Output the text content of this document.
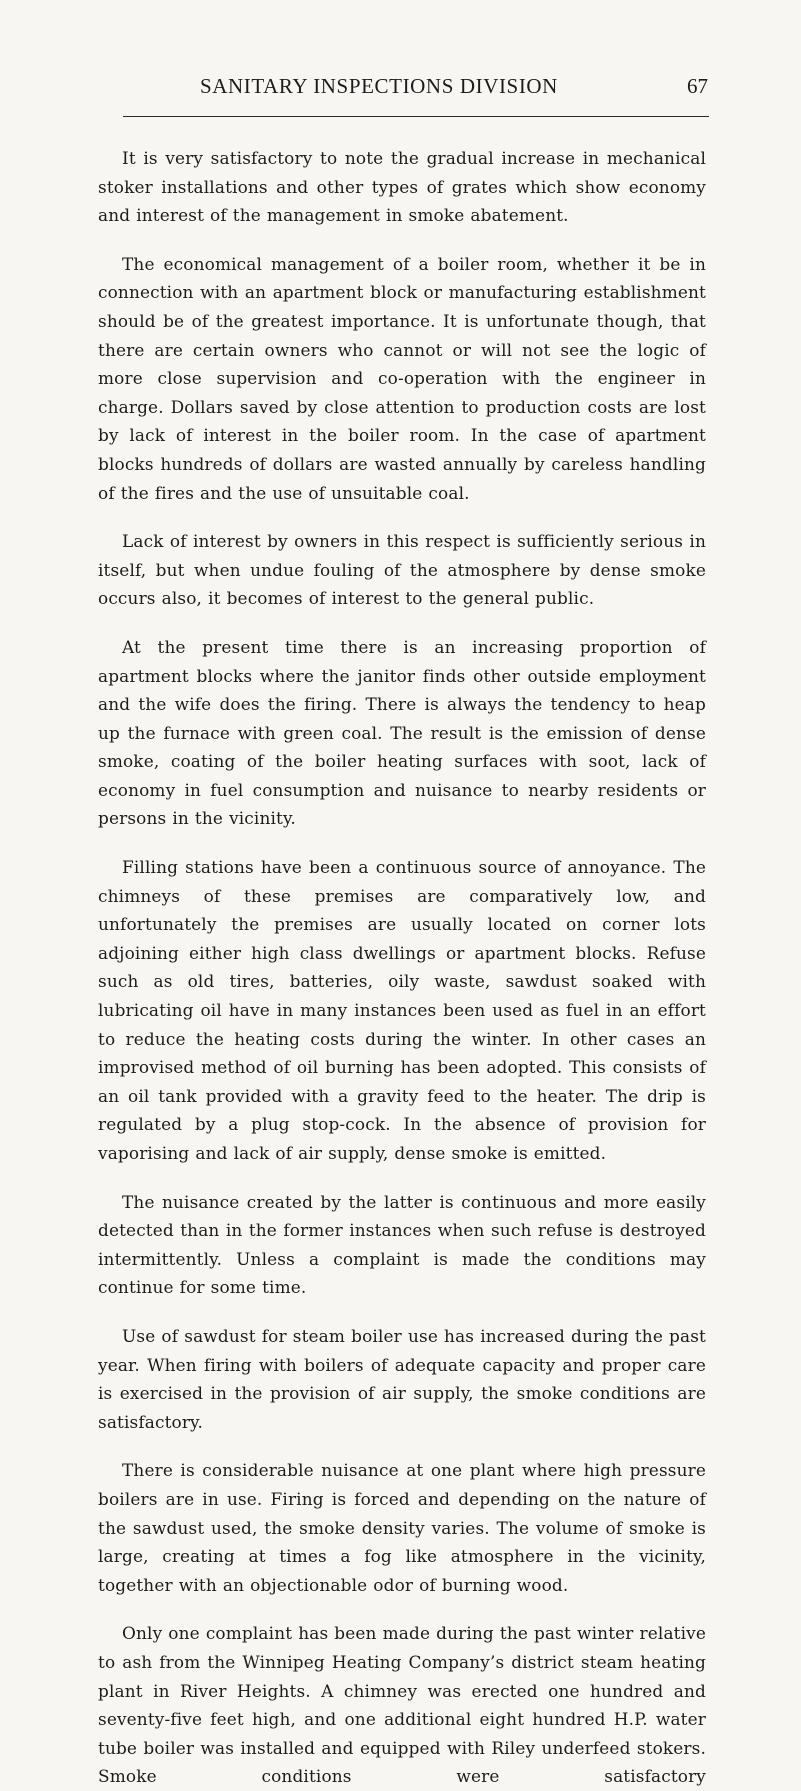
SANITARY INSPECTIONS DIVISION	67

It is very satisfactory to note the gradual increase in mechanical stoker installations and other types of grates which show economy and interest of the management in smoke abatement.

The economical management of a boiler room, whether it be in connection with an apartment block or manufacturing establishment should be of the greatest importance. It is unfortunate though, that there are certain owners who cannot or will not see the logic of more close supervision and co-operation with the engineer in charge. Dollars saved by close attention to production costs are lost by lack of interest in the boiler room. In the case of apartment blocks hundreds of dollars are wasted annually by careless handling of the fires and the use of unsuitable coal.

Lack of interest by owners in this respect is sufficiently serious in itself, but when undue fouling of the atmosphere by dense smoke occurs also, it becomes of interest to the general public.

At the present time there is an increasing proportion of apartment blocks where the janitor finds other outside employment and the wife does the firing. There is always the tendency to heap up the furnace with green coal. The result is the emission of dense smoke, coating of the boiler heating surfaces with soot, lack of economy in fuel consumption and nuisance to nearby residents or persons in the vicinity.

Filling stations have been a continuous source of annoyance. The chimneys of these premises are comparatively low, and unfortunately the premises are usually located on corner lots adjoining either high class dwellings or apartment blocks. Refuse such as old tires, batteries, oily waste, sawdust soaked with lubricating oil have in many instances been used as fuel in an effort to reduce the heating costs during the winter. In other cases an improvised method of oil burning has been adopted. This consists of an oil tank provided with a gravity feed to the heater. The drip is regulated by a plug stop-cock. In the absence of provision for vaporising and lack of air supply, dense smoke is emitted.

The nuisance created by the latter is continuous and more easily detected than in the former instances when such refuse is destroyed intermittently. Unless a complaint is made the conditions may continue for some time.

Use of sawdust for steam boiler use has increased during the past year. When firing with boilers of adequate capacity and proper care is exercised in the provision of air supply, the smoke conditions are satisfactory.

There is considerable nuisance at one plant where high pressure boilers are in use. Firing is forced and depending on the nature of the sawdust used, the smoke density varies. The volume of smoke is large, creating at times a fog like atmosphere in the vicinity, together with an objectionable odor of burning wood.

Only one complaint has been made during the past winter relative to ash from the Winnipeg Heating Company’s district steam heating plant in River Heights. A chimney was erected one hundred and seventy-five feet high, and one additional eight hundred H.P. water tube boiler was installed and equipped with Riley underfeed stokers. Smoke conditions were satisfactory
